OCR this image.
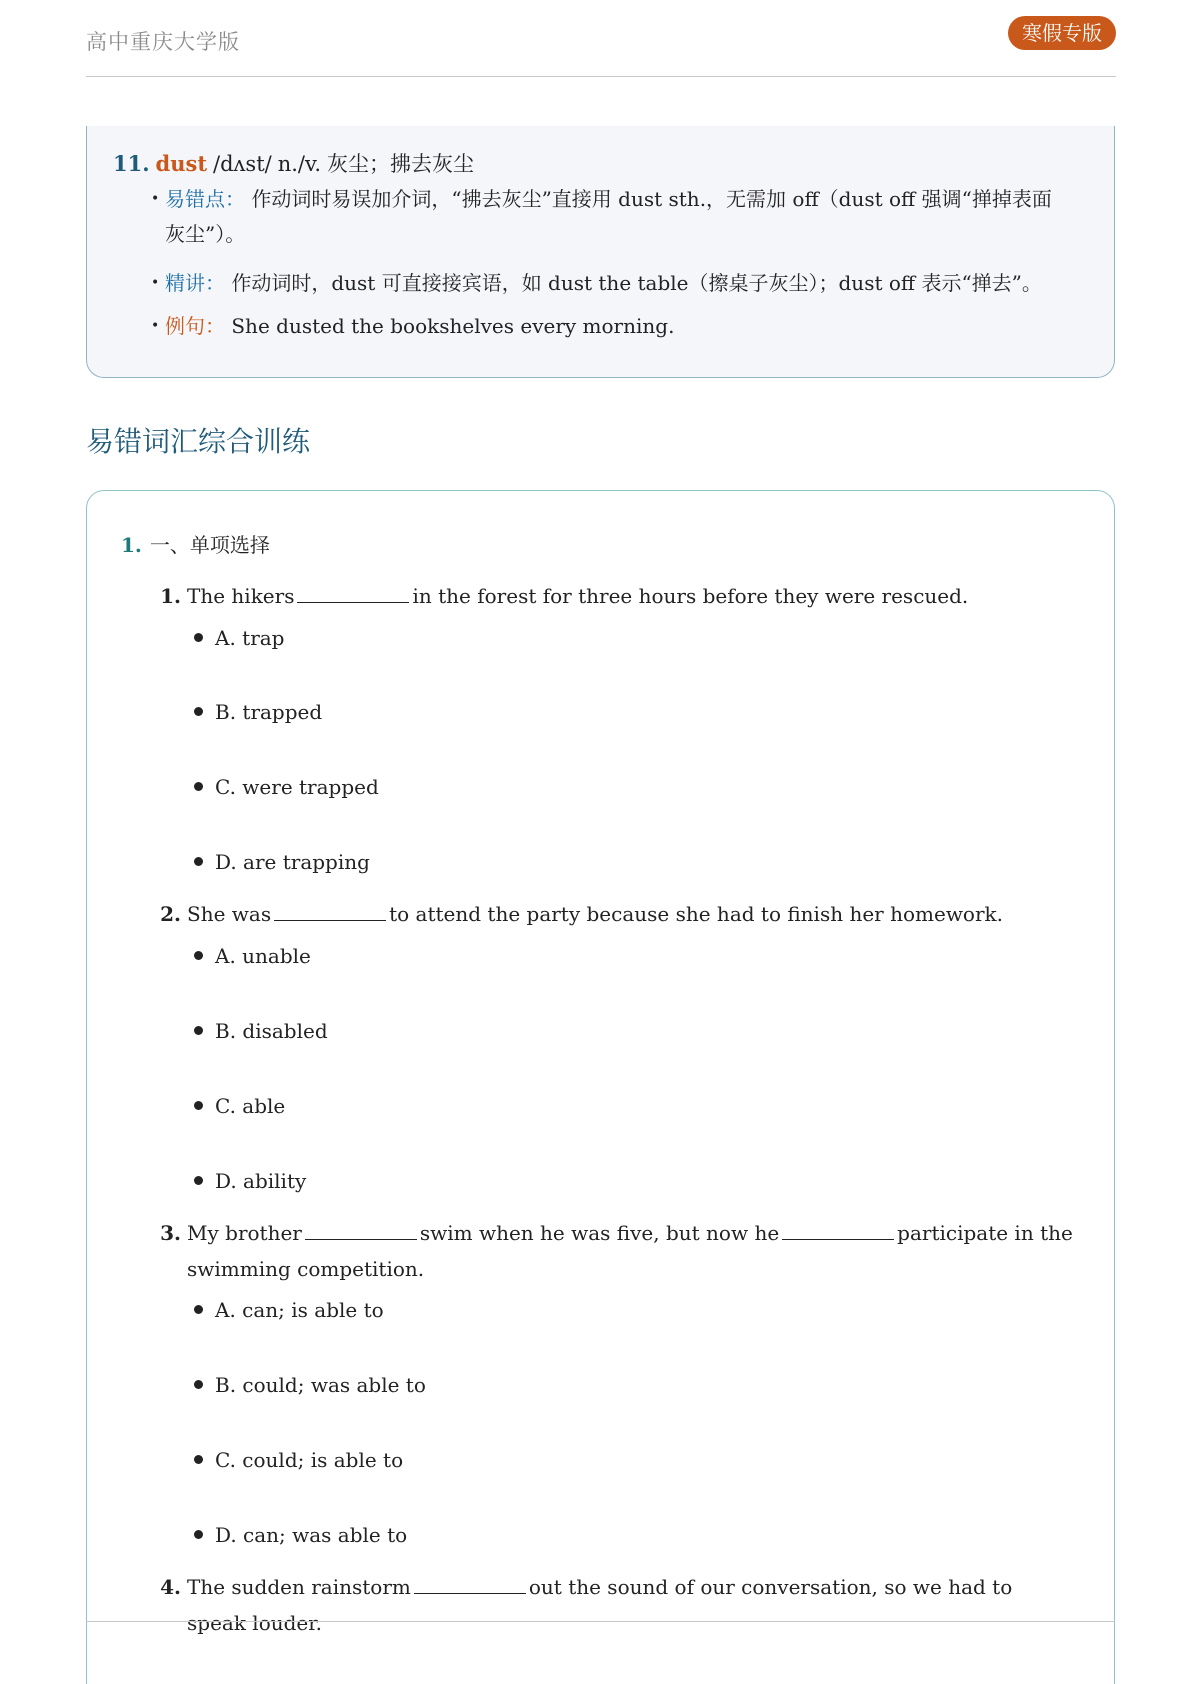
高中重庆大学版	寒假专版
11. dust /dʌst/ n./v. 灰尘；拂去灰尘
• 易错点： 作动词时易误加介词，“拂去灰尘”直接用 dust sth.，无需加 off（dust off 强调“掸掉表面灰尘”）。
• 精讲： 作动词时，dust 可直接接宾语，如 dust the table（擦桌子灰尘）；dust off 表示“掸去”。
• 例句： She dusted the bookshelves every morning.
易错词汇综合训练
1. 一、单项选择
1. The hikers	in the forest for three hours before they were rescued.
A. trap
B. trapped
C. were trapped
D. are trapping
2. She was	to attend the party because she had to finish her homework.
A. unable
B. disabled
C. able
D. ability
3. My brother	swim when he was five, but now he	participate in the swimming competition.
A. can; is able to
B. could; was able to
C. could; is able to
D. can; was able to
4. The sudden rainstorm	out the sound of our conversation, so we had to speak louder.
